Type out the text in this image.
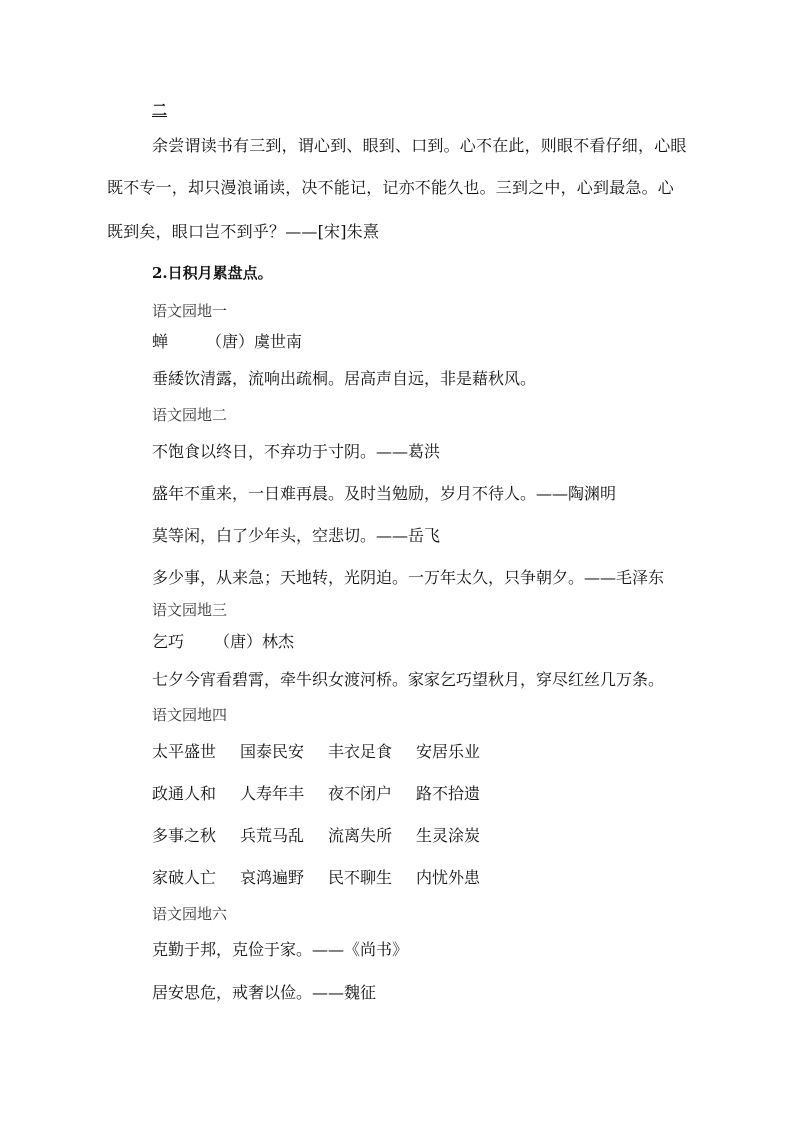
二
余尝谓读书有三到，谓心到、眼到、口到。心不在此，则眼不看仔细，心眼
既不专一，却只漫浪诵读，决不能记，记亦不能久也。三到之中，心到最急。心
既到矣，眼口岂不到乎？——[宋]朱熹
2.日积月累盘点。
语文园地一
蝉 （唐）虞世南
垂緌饮清露，流响出疏桐。居高声自远，非是藉秋风。
语文园地二
不饱食以终日，不弃功于寸阴。——葛洪
盛年不重来，一日难再晨。及时当勉励，岁月不待人。——陶渊明
莫等闲，白了少年头，空悲切。——岳飞
多少事，从来急；天地转，光阴迫。一万年太久，只争朝夕。——毛泽东
语文园地三
乞巧 （唐）林杰
七夕今宵看碧霄，牵牛织女渡河桥。家家乞巧望秋月，穿尽红丝几万条。
语文园地四
太平盛世 国泰民安 丰衣足食 安居乐业
政通人和 人寿年丰 夜不闭户 路不拾遗
多事之秋 兵荒马乱 流离失所 生灵涂炭
家破人亡 哀鸿遍野 民不聊生 内忧外患
语文园地六
克勤于邦，克俭于家。——《尚书》
居安思危，戒奢以俭。——魏征
